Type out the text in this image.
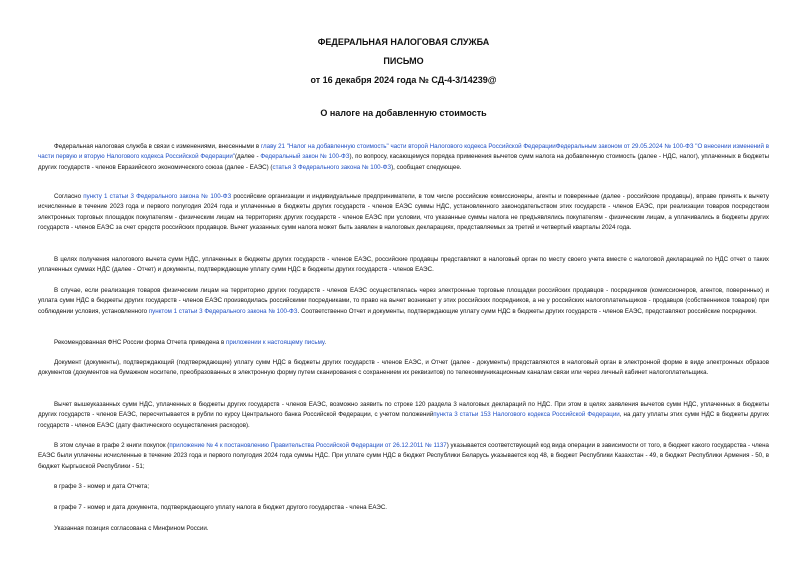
ФЕДЕРАЛЬНАЯ НАЛОГОВАЯ СЛУЖБА
ПИСЬМО
от 16 декабря 2024 года № СД-4-3/14239@
О налоге на добавленную стоимость

Федеральная налоговая служба в связи с изменениями, внесенными в главу 21 "Налог на добавленную стоимость" части второй Налогового кодекса Российской ФедерацииФедеральным законом от 29.05.2024 № 100-ФЗ "О внесении изменений в части первую и вторую Налогового кодекса Российской Федерации"(далее - Федеральный закон № 100-ФЗ), по вопросу, касающемуся порядка применения вычетов сумм налога на добавленную стоимость (далее - НДС, налог), уплаченных в бюджеты других государств - членов Евразийского экономического союза (далее - ЕАЭС) (статья 3 Федерального закона № 100-ФЗ), сообщает следующее.

Согласно пункту 1 статьи 3 Федерального закона № 100-ФЗ российские организации и индивидуальные предприниматели, в том числе российские комиссионеры, агенты и поверенные (далее - российские продавцы), вправе принять к вычету исчисленные в течение 2023 года и первого полугодия 2024 года и уплаченные в бюджеты других государств - членов ЕАЭС суммы НДС, установленного законодательством этих государств - членов ЕАЭС, при реализации товаров посредством электронных торговых площадок покупателям - физическим лицам на территориях других государств - членов ЕАЭС при условии, что указанные суммы налога не предъявлялись покупателям - физическим лицам, а уплачивались в бюджеты других государств - членов ЕАЭС за счет средств российских продавцов. Вычет указанных сумм налога может быть заявлен в налоговых декларациях, представляемых за третий и четвертый кварталы 2024 года.

В целях получения налогового вычета сумм НДС, уплаченных в бюджеты других государств - членов ЕАЭС, российские продавцы представляют в налоговый орган по месту своего учета вместе с налоговой декларацией по НДС отчет о таких уплаченных суммах НДС (далее - Отчет) и документы, подтверждающие уплату сумм НДС в бюджеты других государств - членов ЕАЭС.

В случае, если реализация товаров физическим лицам на территорию других государств - членов ЕАЭС осуществлялась через электронные торговые площадки российских продавцов - посредников (комиссионеров, агентов, поверенных) и уплата сумм НДС в бюджеты других государств - членов ЕАЭС производилась российскими посредниками, то право на вычет возникает у этих российских посредников, а не у российских налогоплательщиков - продавцов (собственников товаров) при соблюдении условия, установленного пунктом 1 статьи 3 Федерального закона № 100-ФЗ. Соответственно Отчет и документы, подтверждающие уплату сумм НДС в бюджеты других государств - членов ЕАЭС, представляют российские посредники.

Рекомендованная ФНС России форма Отчета приведена в приложении к настоящему письму.

Документ (документы), подтверждающий (подтверждающие) уплату сумм НДС в бюджеты других государств - членов ЕАЭС, и Отчет (далее - документы) представляются в налоговый орган в электронной форме в виде электронных образов документов (документов на бумажном носителе, преобразованных в электронную форму путем сканирования с сохранением их реквизитов) по телекоммуникационным каналам связи или через личный кабинет налогоплательщика.

Вычет вышеуказанных сумм НДС, уплаченных в бюджеты других государств - членов ЕАЭС, возможно заявить по строке 120 раздела 3 налоговых деклараций по НДС. При этом в целях заявления вычетов сумм НДС, уплаченных в бюджеты других государств - членов ЕАЭС, пересчитывается в рубли по курсу Центрального банка Российской Федерации, с учетом положенийпункта 3 статьи 153 Налогового кодекса Российской Федерации, на дату уплаты этих сумм НДС в бюджеты других государств - членов ЕАЭС (дату фактического осуществления расходов).

В этом случае в графе 2 книги покупок (приложение № 4 к постановлению Правительства Российской Федерации от 26.12.2011 № 1137) указывается соответствующий код вида операции в зависимости от того, в бюджет какого государства - члена ЕАЭС были уплачены исчисленные в течение 2023 года и первого полугодия 2024 года суммы НДС. При уплате сумм НДС в бюджет Республики Беларусь указывается код 48, в бюджет Республики Казахстан - 49, в бюджет Республики Армения - 50, в бюджет Кыргызской Республики - 51;

в графе 3 - номер и дата Отчета;

в графе 7 - номер и дата документа, подтверждающего уплату налога в бюджет другого государства - члена ЕАЭС.

Указанная позиция согласована с Минфином России.
